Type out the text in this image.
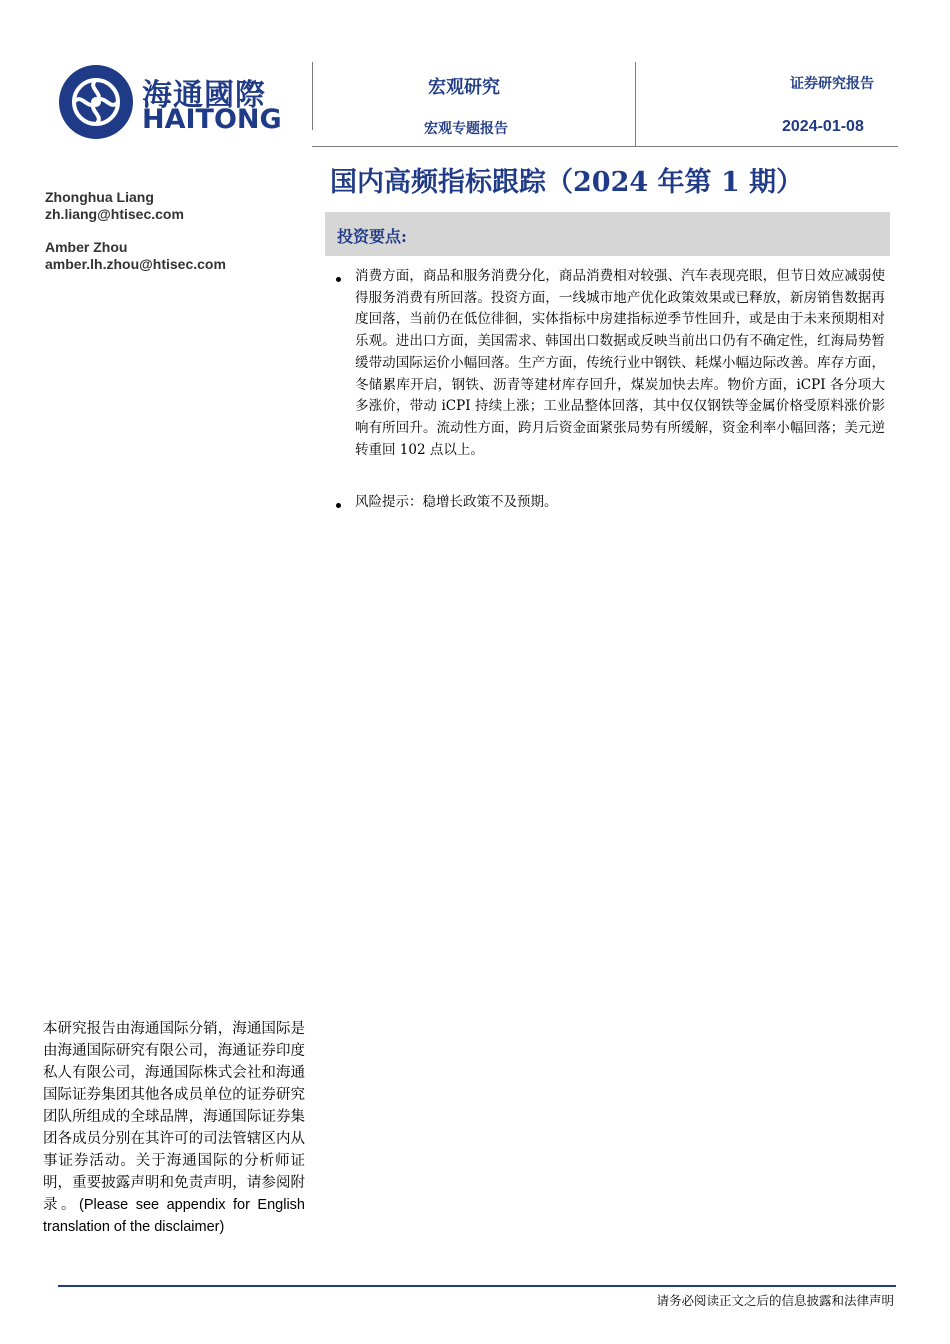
海通國際
HAITONG
宏观研究
宏观专题报告
证券研究报告
2024-01-08
国内高频指标跟踪（2024 年第 1 期）
Zhonghua Liang
zh.liang@htisec.com
Amber Zhou
amber.lh.zhou@htisec.com
投资要点:
消费方面，商品和服务消费分化，商品消费相对较强、汽车表现亮眼，但节日效应减弱使得服务消费有所回落。投资方面，一线城市地产优化政策效果或已释放，新房销售数据再度回落，当前仍在低位徘徊，实体指标中房建指标逆季节性回升，或是由于未来预期相对乐观。进出口方面，美国需求、韩国出口数据或反映当前出口仍有不确定性，红海局势暂缓带动国际运价小幅回落。生产方面，传统行业中钢铁、耗煤小幅边际改善。库存方面，冬储累库开启，钢铁、沥青等建材库存回升，煤炭加快去库。物价方面，iCPI 各分项大多涨价，带动 iCPI 持续上涨；工业品整体回落，其中仅仅钢铁等金属价格受原料涨价影响有所回升。流动性方面，跨月后资金面紧张局势有所缓解，资金利率小幅回落；美元逆转重回 102 点以上。
风险提示：稳增长政策不及预期。
本研究报告由海通国际分销，海通国际是由海通国际研究有限公司，海通证券印度私人有限公司，海通国际株式会社和海通国际证券集团其他各成员单位的证券研究团队所组成的全球品牌，海通国际证券集团各成员分别在其许可的司法管辖区内从事证券活动。关于海通国际的分析师证明，重要披露声明和免责声明，请参阅附录。(Please see appendix for English translation of the disclaimer)
请务必阅读正文之后的信息披露和法律声明
